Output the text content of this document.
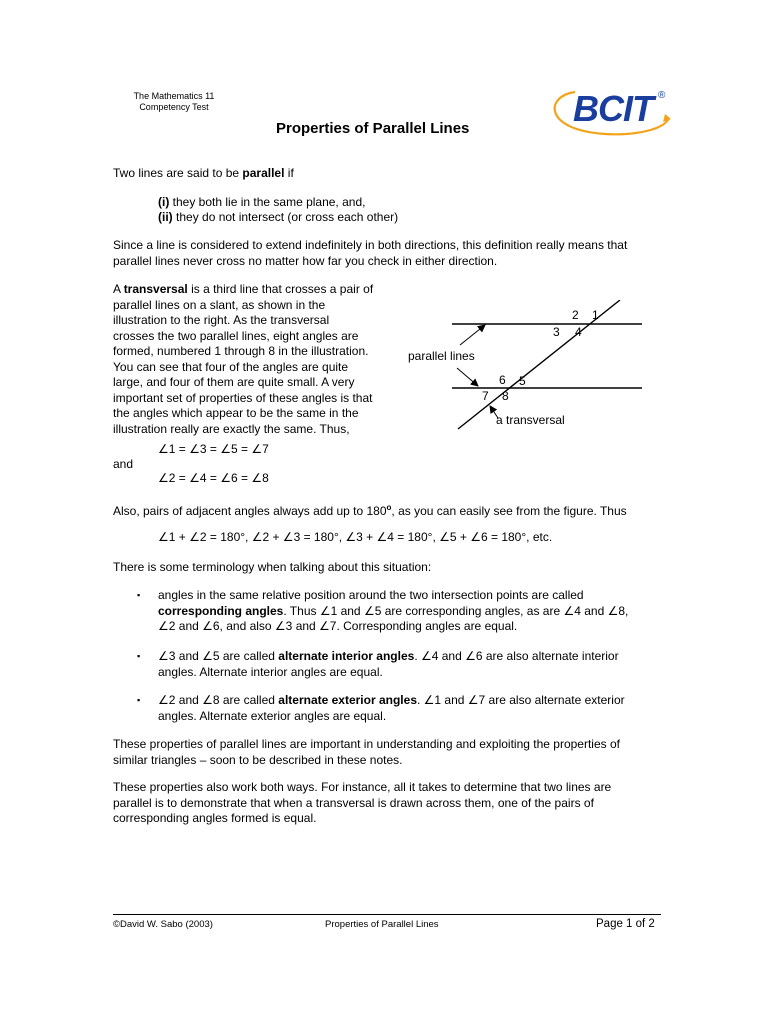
The Mathematics 11
Competency Test
Properties of Parallel Lines	BCIT ®
Two lines are said to be parallel if
(i) they both lie in the same plane, and,
(ii) they do not intersect (or cross each other)
Since a line is considered to extend indefinitely in both directions, this definition really means that
parallel lines never cross no matter how far you check in either direction.
A transversal is a third line that crosses a pair of
parallel lines on a slant, as shown in the
illustration to the right. As the transversal
crosses the two parallel lines, eight angles are
formed, numbered 1 through 8 in the illustration.
You can see that four of the angles are quite
large, and four of them are quite small. A very
important set of properties of these angles is that
the angles which appear to be the same in the
illustration really are exactly the same. Thus,
parallel lines
a transversal
1
2
3 4
5
6
7 8
∠1 = ∠3 = ∠5 = ∠7
and
∠2 = ∠4 = ∠6 = ∠8
Also, pairs of adjacent angles always add up to 180$^o$, as you can easily see from the figure. Thus
∠1 + ∠2 = 180°, ∠2 + ∠3 = 180°, ∠3 + ∠4 = 180°, ∠5 + ∠6 = 180°, etc.
There is some terminology when talking about this situation:
▪ angles in the same relative position around the two intersection points are called
corresponding angles. Thus ∠1 and ∠5 are corresponding angles, as are ∠4 and ∠8,
∠2 and ∠6, and also ∠3 and ∠7. Corresponding angles are equal.
▪ ∠3 and ∠5 are called alternate interior angles. ∠4 and ∠6 are also alternate interior
angles. Alternate interior angles are equal.
▪ ∠2 and ∠8 are called alternate exterior angles. ∠1 and ∠7 are also alternate exterior
angles. Alternate exterior angles are equal.
These properties of parallel lines are important in understanding and exploiting the properties of
similar triangles – soon to be described in these notes.
These properties also work both ways. For instance, all it takes to determine that two lines are
parallel is to demonstrate that when a transversal is drawn across them, one of the pairs of
corresponding angles formed is equal.
©David W. Sabo (2003)	Properties of Parallel Lines	Page 1 of 2
